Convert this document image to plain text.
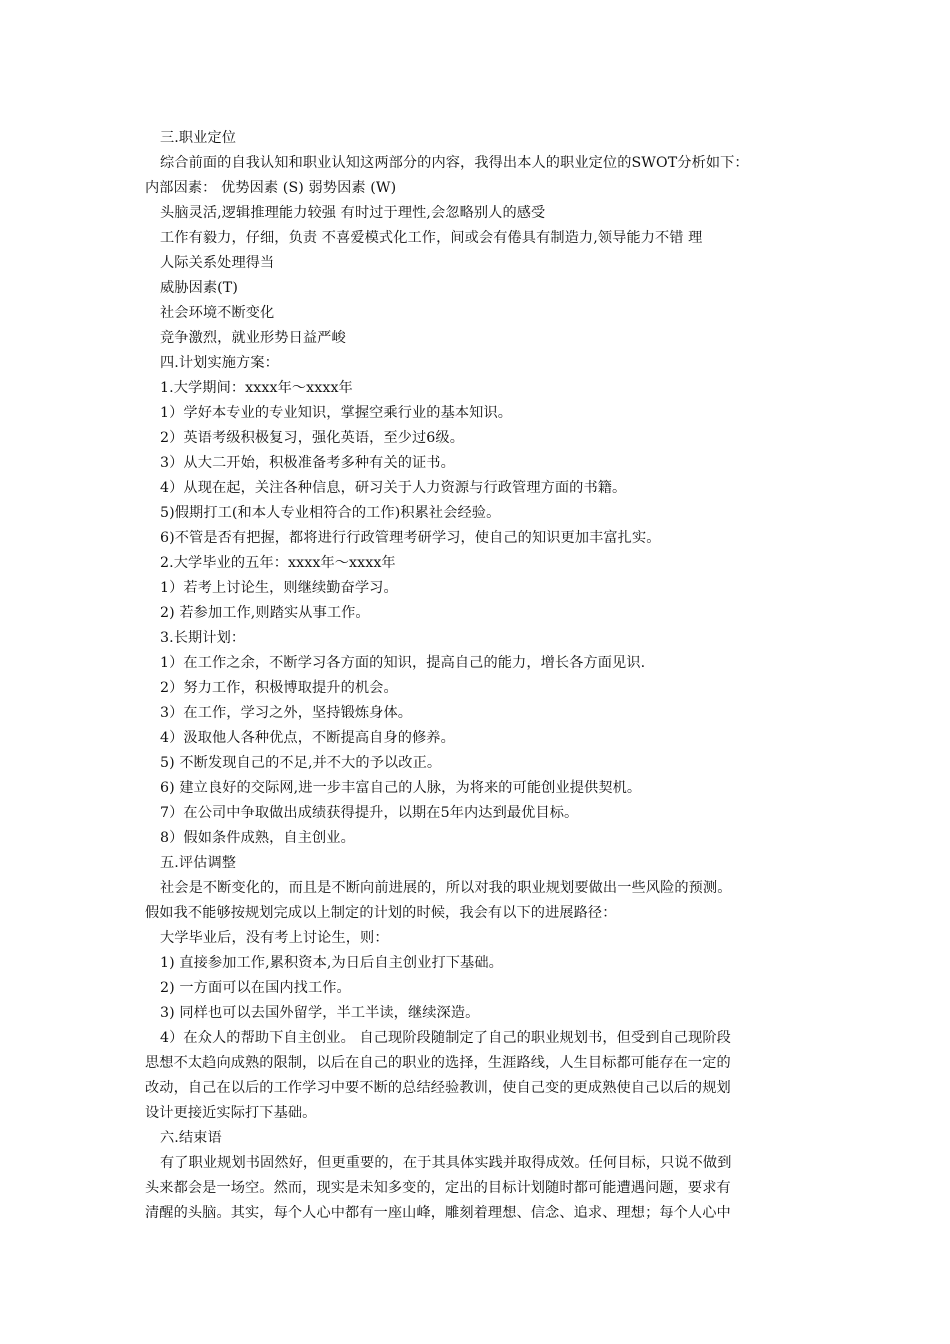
三.职业定位
综合前面的自我认知和职业认知这两部分的内容，我得出本人的职业定位的SWOT分析如下：
内部因素： 优势因素 (S) 弱势因素 (W)
头脑灵活,逻辑推理能力较强 有时过于理性,会忽略别人的感受
工作有毅力，仔细，负责 不喜爱模式化工作，间或会有倦具有制造力,领导能力不错 理
人际关系处理得当
威胁因素(T)
社会环境不断变化
竞争激烈，就业形势日益严峻
四.计划实施方案：
1.大学期间：xxxx年～xxxx年
1）学好本专业的专业知识，掌握空乘行业的基本知识。
2）英语考级积极复习，强化英语，至少过6级。
3）从大二开始，积极准备考多种有关的证书。
4）从现在起，关注各种信息，研习关于人力资源与行政管理方面的书籍。
5)假期打工(和本人专业相符合的工作)积累社会经验。
6)不管是否有把握，都将进行行政管理考研学习，使自己的知识更加丰富扎实。
2.大学毕业的五年：xxxx年～xxxx年
1）若考上讨论生，则继续勤奋学习。
2) 若参加工作,则踏实从事工作。
3.长期计划：
1）在工作之余，不断学习各方面的知识，提高自己的能力，增长各方面见识.
2）努力工作，积极博取提升的机会。
3）在工作，学习之外，坚持锻炼身体。
4）汲取他人各种优点，不断提高自身的修养。
5) 不断发现自己的不足,并不大的予以改正。
6) 建立良好的交际网,进一步丰富自己的人脉，为将来的可能创业提供契机。
7）在公司中争取做出成绩获得提升，以期在5年内达到最优目标。
8）假如条件成熟，自主创业。
五.评估调整
社会是不断变化的，而且是不断向前进展的，所以对我的职业规划要做出一些风险的预测。
假如我不能够按规划完成以上制定的计划的时候，我会有以下的进展路径：
大学毕业后，没有考上讨论生，则：
1) 直接参加工作,累积资本,为日后自主创业打下基础。
2) 一方面可以在国内找工作。
3) 同样也可以去国外留学，半工半读，继续深造。
4）在众人的帮助下自主创业。 自己现阶段随制定了自己的职业规划书，但受到自己现阶段
思想不太趋向成熟的限制，以后在自己的职业的选择，生涯路线，人生目标都可能存在一定的
改动，自己在以后的工作学习中要不断的总结经验教训，使自己变的更成熟使自己以后的规划
设计更接近实际打下基础。
六.结束语
有了职业规划书固然好，但更重要的，在于其具体实践并取得成效。任何目标，只说不做到
头来都会是一场空。然而，现实是未知多变的，定出的目标计划随时都可能遭遇问题，要求有
清醒的头脑。其实，每个人心中都有一座山峰，雕刻着理想、信念、追求、理想；每个人心中
